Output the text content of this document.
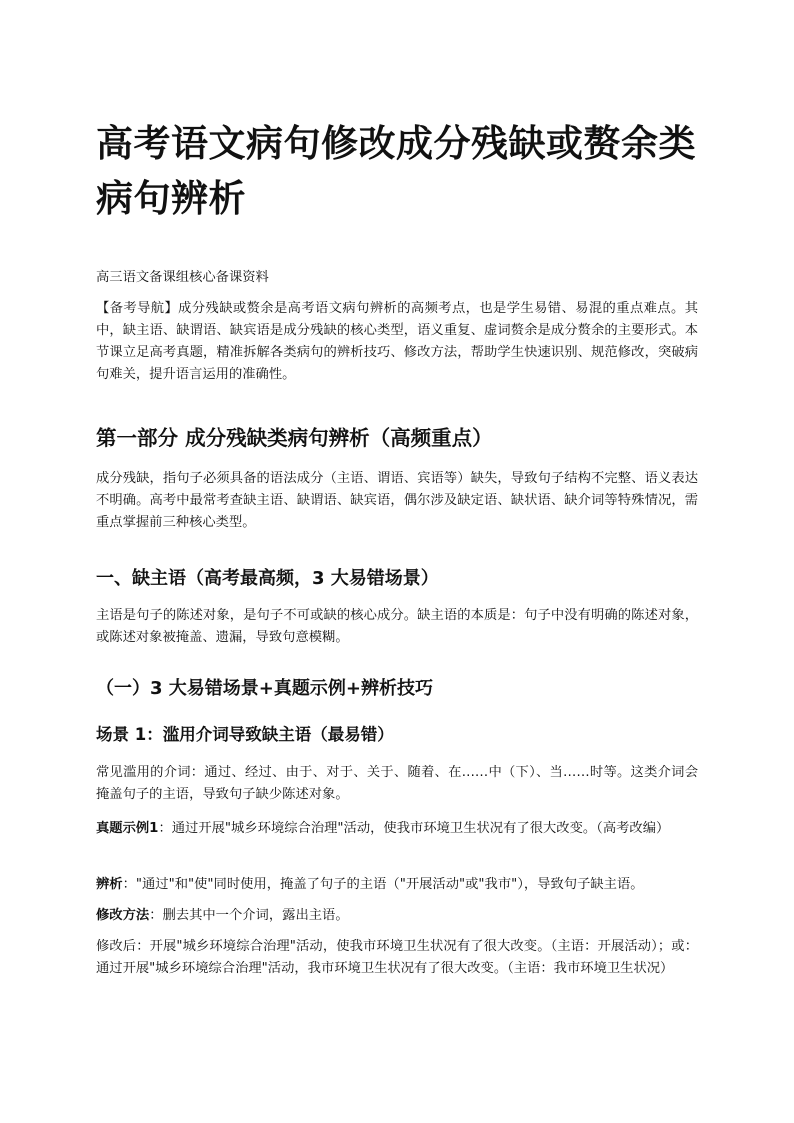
高考语文病句修改成分残缺或赘余类病句辨析

高三语文备课组核心备课资料

【备考导航】成分残缺或赘余是高考语文病句辨析的高频考点，也是学生易错、易混的重点难点。其中，缺主语、缺谓语、缺宾语是成分残缺的核心类型，语义重复、虚词赘余是成分赘余的主要形式。本节课立足高考真题，精准拆解各类病句的辨析技巧、修改方法，帮助学生快速识别、规范修改，突破病句难关，提升语言运用的准确性。

第一部分 成分残缺类病句辨析（高频重点）

成分残缺，指句子必须具备的语法成分（主语、谓语、宾语等）缺失，导致句子结构不完整、语义表达不明确。高考中最常考查缺主语、缺谓语、缺宾语，偶尔涉及缺定语、缺状语、缺介词等特殊情况，需重点掌握前三种核心类型。

一、缺主语（高考最高频，3 大易错场景）

主语是句子的陈述对象，是句子不可或缺的核心成分。缺主语的本质是：句子中没有明确的陈述对象，或陈述对象被掩盖、遗漏，导致句意模糊。

（一）3 大易错场景+真题示例+辨析技巧
场景 1：滥用介词导致缺主语（最易错）

常见滥用的介词：通过、经过、由于、对于、关于、随着、在……中（下）、当……时等。这类介词会掩盖句子的主语，导致句子缺少陈述对象。

真题示例1：通过开展"城乡环境综合治理"活动，使我市环境卫生状况有了很大改变。（高考改编）

辨析："通过"和"使"同时使用，掩盖了句子的主语（"开展活动"或"我市"），导致句子缺主语。

修改方法：删去其中一个介词，露出主语。

修改后：开展"城乡环境综合治理"活动，使我市环境卫生状况有了很大改变。（主语：开展活动）；或：通过开展"城乡环境综合治理"活动，我市环境卫生状况有了很大改变。（主语：我市环境卫生状况）
